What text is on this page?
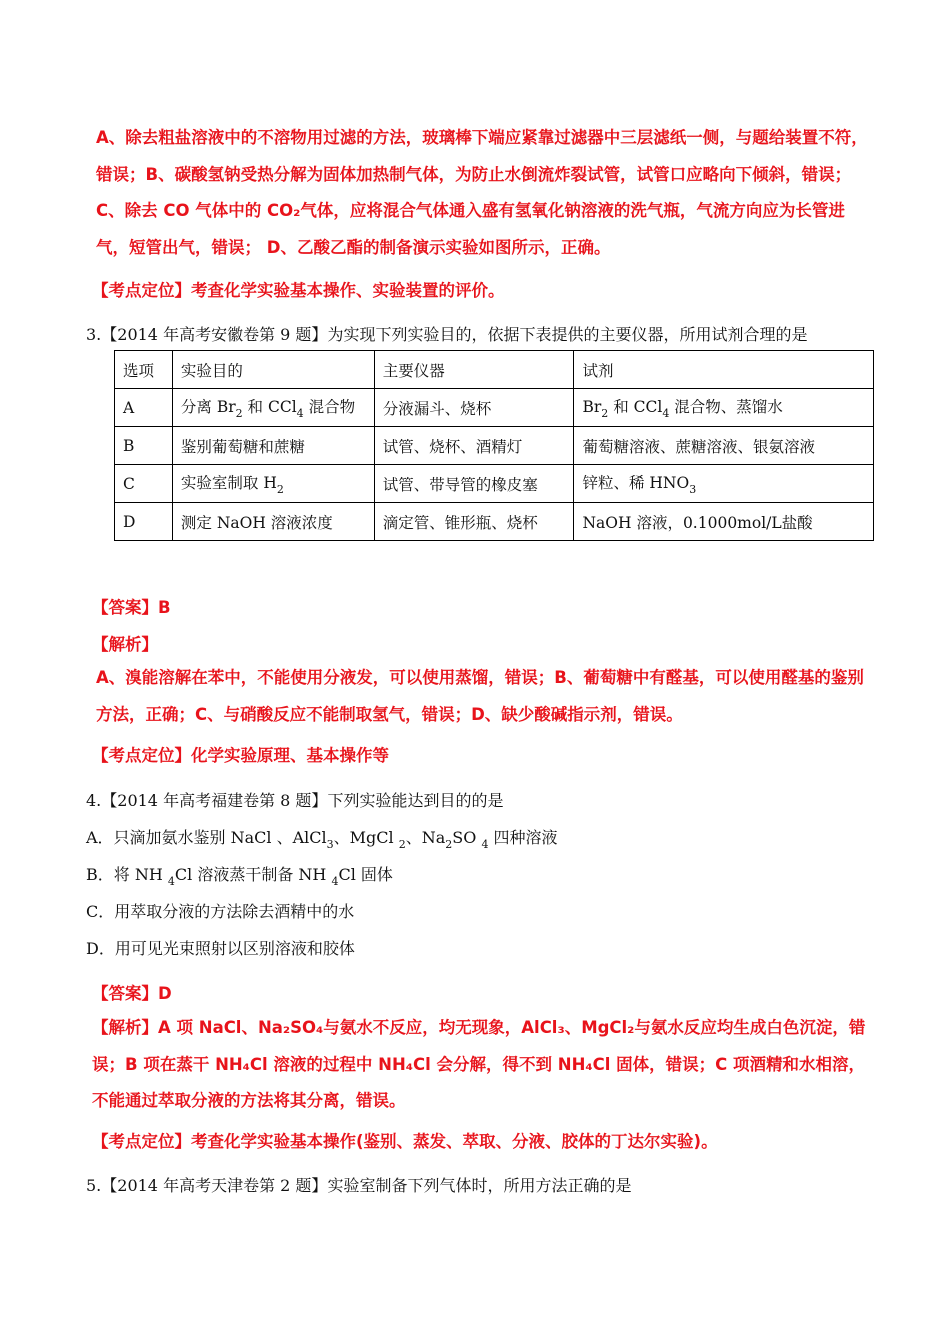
A、除去粗盐溶液中的不溶物用过滤的方法，玻璃棒下端应紧靠过滤器中三层滤纸一侧，与题给装置不符，错误；B、碳酸氢钠受热分解为固体加热制气体，为防止水倒流炸裂试管，试管口应略向下倾斜，错误；C、除去 CO 气体中的 CO₂气体，应将混合气体通入盛有氢氧化钠溶液的洗气瓶，气流方向应为长管进气，短管出气，错误； D、乙酸乙酯的制备演示实验如图所示，正确。
【考点定位】考查化学实验基本操作、实验装置的评价。
3.【2014 年高考安徽卷第 9 题】为实现下列实验目的，依据下表提供的主要仪器，所用试剂合理的是
选项	实验目的	主要仪器	试剂
A	分离 $Br_2$ 和 CCl$_4$ 混合物	分液漏斗、烧杯	$Br_2$ 和 CCl$_4$ 混合物、蒸馏水
B	鉴别葡萄糖和蔗糖	试管、烧杯、酒精灯	葡萄糖溶液、蔗糖溶液、银氨溶液
C	实验室制取 $H_2$	试管、带导管的橡皮塞	锌粒、稀 $HNO_3$
D	测定 NaOH 溶液浓度	滴定管、锥形瓶、烧杯	NaOH 溶液，0.1000mol/L盐酸
【答案】B
【解析】
A、溴能溶解在苯中，不能使用分液发，可以使用蒸馏，错误；B、葡萄糖中有醛基，可以使用醛基的鉴别方法，正确；C、与硝酸反应不能制取氢气，错误；D、缺少酸碱指示剂，错误。
【考点定位】化学实验原理、基本操作等
4.【2014 年高考福建卷第 8 题】下列实验能达到目的的是
A．只滴加氨水鉴别 NaCl 、AlCl$_3$、MgCl $_2$、$Na_2SO$ $_4$ 四种溶液
B．将 NH $_4$Cl 溶液蒸干制备 NH $_4$Cl 固体
C．用萃取分液的方法除去酒精中的水
D．用可见光束照射以区别溶液和胶体
【答案】D
【解析】A 项 NaCl、Na₂SO₄与氨水不反应，均无现象，AlCl₃、MgCl₂与氨水反应均生成白色沉淀，错误；B 项在蒸干 NH₄Cl 溶液的过程中 NH₄Cl 会分解，得不到 NH₄Cl 固体，错误；C 项酒精和水相溶，不能通过萃取分液的方法将其分离，错误。
【考点定位】考查化学实验基本操作(鉴别、蒸发、萃取、分液、胶体的丁达尔实验)。
5.【2014 年高考天津卷第 2 题】实验室制备下列气体时，所用方法正确的是
